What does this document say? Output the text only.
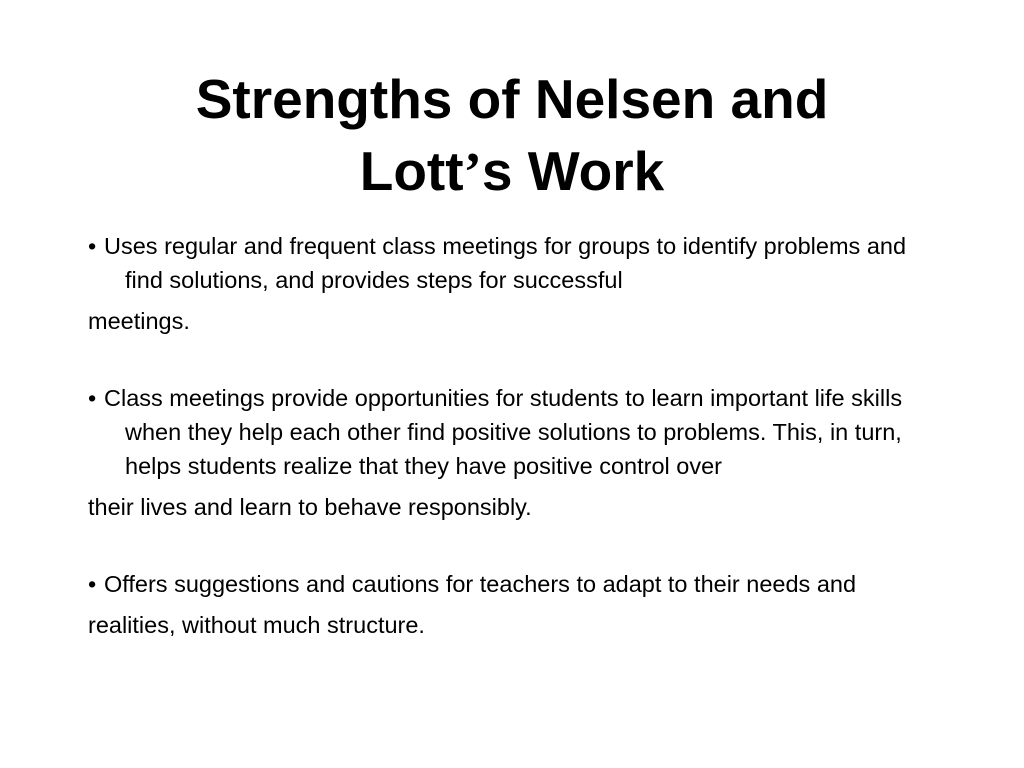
Strengths of Nelsen and
Lott’s Work

• Uses regular and frequent class meetings for groups to identify problems and find solutions, and provides steps for successful

meetings.

• Class meetings provide opportunities for students to learn important life skills when they help each other find positive solutions to problems. This, in turn, helps students realize that they have positive control over

their lives and learn to behave responsibly.

• Offers suggestions and cautions for teachers to adapt to their needs and

realities, without much structure.
